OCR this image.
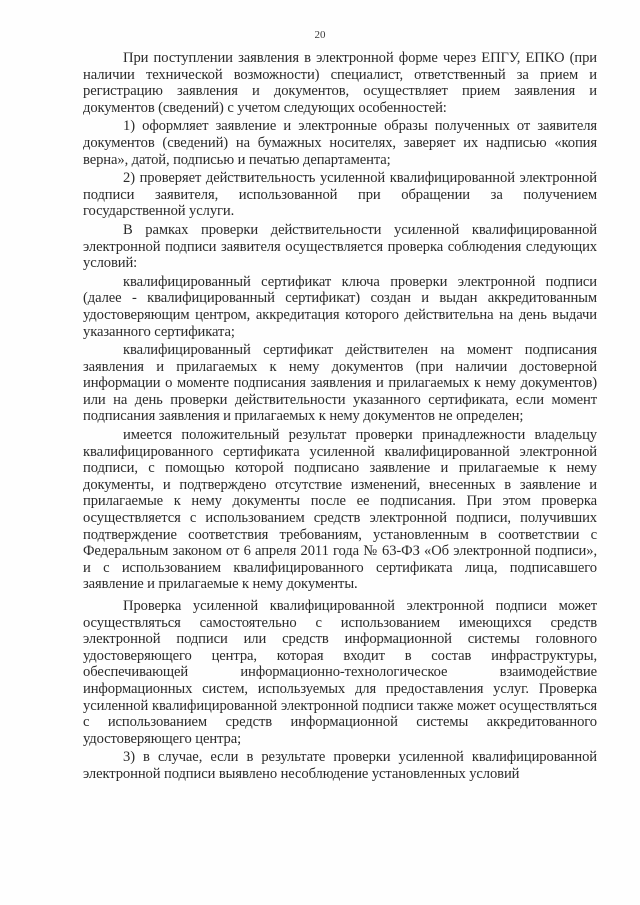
20

При поступлении заявления в электронной форме через ЕПГУ, ЕПКО (при наличии технической возможности) специалист, ответственный за прием и регистрацию заявления и документов, осуществляет прием заявления и документов (сведений) с учетом следующих особенностей:

1) оформляет заявление и электронные образы полученных от заявителя документов (сведений) на бумажных носителях, заверяет их надписью «копия верна», датой, подписью и печатью департамента;

2) проверяет действительность усиленной квалифицированной электронной подписи заявителя, использованной при обращении за получением государственной услуги.

В рамках проверки действительности усиленной квалифицированной электронной подписи заявителя осуществляется проверка соблюдения следующих условий:

квалифицированный сертификат ключа проверки электронной подписи (далее - квалифицированный сертификат) создан и выдан аккредитованным удостоверяющим центром, аккредитация которого действительна на день выдачи указанного сертификата;

квалифицированный сертификат действителен на момент подписания заявления и прилагаемых к нему документов (при наличии достоверной информации о моменте подписания заявления и прилагаемых к нему документов) или на день проверки действительности указанного сертификата, если момент подписания заявления и прилагаемых к нему документов не определен;

имеется положительный результат проверки принадлежности владельцу квалифицированного сертификата усиленной квалифицированной электронной подписи, с помощью которой подписано заявление и прилагаемые к нему документы, и подтверждено отсутствие изменений, внесенных в заявление и прилагаемые к нему документы после ее подписания. При этом проверка осуществляется с использованием средств электронной подписи, получивших подтверждение соответствия требованиям, установленным в соответствии с Федеральным законом от 6 апреля 2011 года № 63-ФЗ «Об электронной подписи», и с использованием квалифицированного сертификата лица, подписавшего заявление и прилагаемые к нему документы.

Проверка усиленной квалифицированной электронной подписи может осуществляться самостоятельно с использованием имеющихся средств электронной подписи или средств информационной системы головного удостоверяющего центра, которая входит в состав инфраструктуры, обеспечивающей информационно-технологическое взаимодействие информационных систем, используемых для предоставления услуг. Проверка усиленной квалифицированной электронной подписи также может осуществляться с использованием средств информационной системы аккредитованного удостоверяющего центра;

3) в случае, если в результате проверки усиленной квалифицированной электронной подписи выявлено несоблюдение установленных условий
